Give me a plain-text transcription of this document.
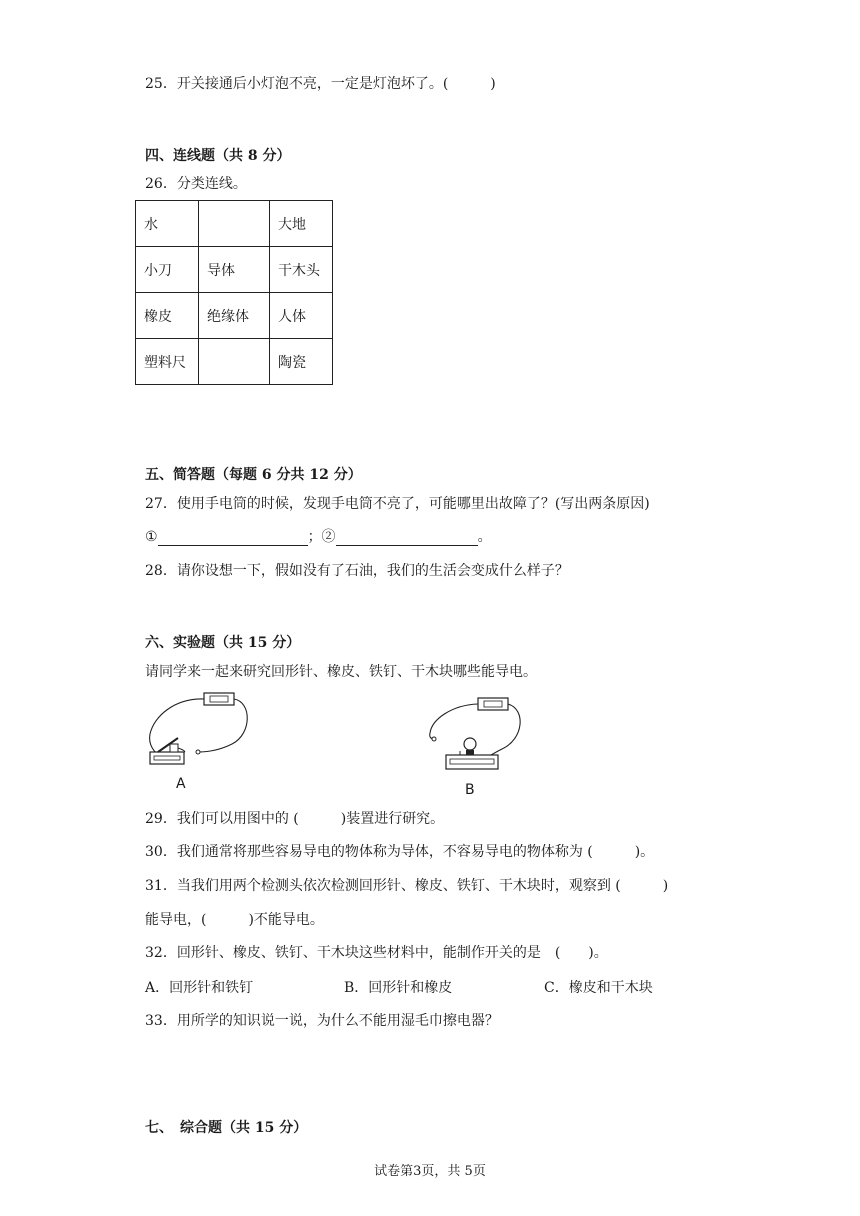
25．开关接通后小灯泡不亮，一定是灯泡坏了。(　　　)
四、连线题（共 8 分）
26．分类连线。
水		大地
小刀	导体	干木头
橡皮	绝缘体	人体
塑料尺		陶瓷
五、简答题（每题 6 分共 12 分）
27．使用手电筒的时候，发现手电筒不亮了，可能哪里出故障了？(写出两条原因)
①	；②	。
28．请你设想一下，假如没有了石油，我们的生活会变成什么样子？
六、实验题（共 15 分）
请同学来一起来研究回形针、橡皮、铁钉、干木块哪些能导电。
A	B
29．我们可以用图中的 (　　　)装置进行研究。
30．我们通常将那些容易导电的物体称为导体，不容易导电的物体称为 (　　　)。
31．当我们用两个检测头依次检测回形针、橡皮、铁钉、干木块时，观察到 (　　　)
能导电，(　　　)不能导电。
32．回形针、橡皮、铁钉、干木块这些材料中，能制作开关的是　(　　)。
A．回形针和铁钉	B．回形针和橡皮	C．橡皮和干木块
33．用所学的知识说一说，为什么不能用湿毛巾擦电器？
七、　综合题（共 15 分）
试卷第3页，共 5页
